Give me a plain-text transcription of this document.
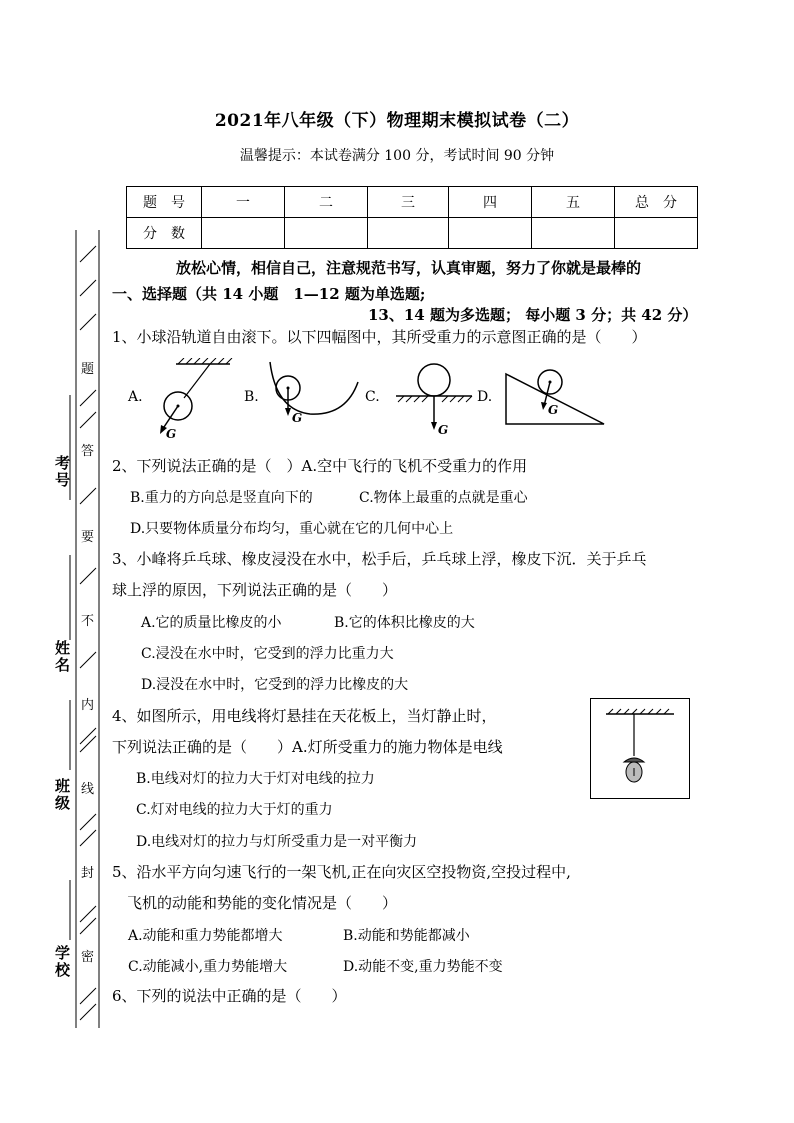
考号
姓名
班级
学校
题
答
要
不
内
线
封
密
2021年八年级（下）物理期末模拟试卷（二）
温馨提示：本试卷满分 100 分，考试时间 90 分钟
题　号	一	二	三	四	五	总　分
分　数						
放松心情，相信自己，注意规范书写，认真审题，努力了你就是最棒的
一、选择题（共 14 小题　1—12 题为单选题;
13、14 题为多选题； 每小题 3 分；共 42 分）
1、小球沿轨道自由滚下。以下四幅图中，其所受重力的示意图正确的是（　　）
A.	B.	C.	D.
G
G
G
G
2、下列说法正确的是（　）A.空中飞行的飞机不受重力的作用
B.重力的方向总是竖直向下的	C.物体上最重的点就是重心
D.只要物体质量分布均匀，重心就在它的几何中心上
3、小峰将乒乓球、橡皮浸没在水中，松手后，乒乓球上浮，橡皮下沉．关于乒乓
球上浮的原因，下列说法正确的是（　　）
A.它的质量比橡皮的小	B.它的体积比橡皮的大
C.浸没在水中时，它受到的浮力比重力大
D.浸没在水中时，它受到的浮力比橡皮的大
4、如图所示，用电线将灯悬挂在天花板上，当灯静止时，
下列说法正确的是（　　）A.灯所受重力的施力物体是电线
B.电线对灯的拉力大于灯对电线的拉力
C.灯对电线的拉力大于灯的重力
D.电线对灯的拉力与灯所受重力是一对平衡力
5、沿水平方向匀速飞行的一架飞机,正在向灾区空投物资,空投过程中,
飞机的动能和势能的变化情况是（　　）
A.动能和重力势能都增大	B.动能和势能都减小
C.动能减小,重力势能增大	D.动能不变,重力势能不变
6、下列的说法中正确的是（　　）
